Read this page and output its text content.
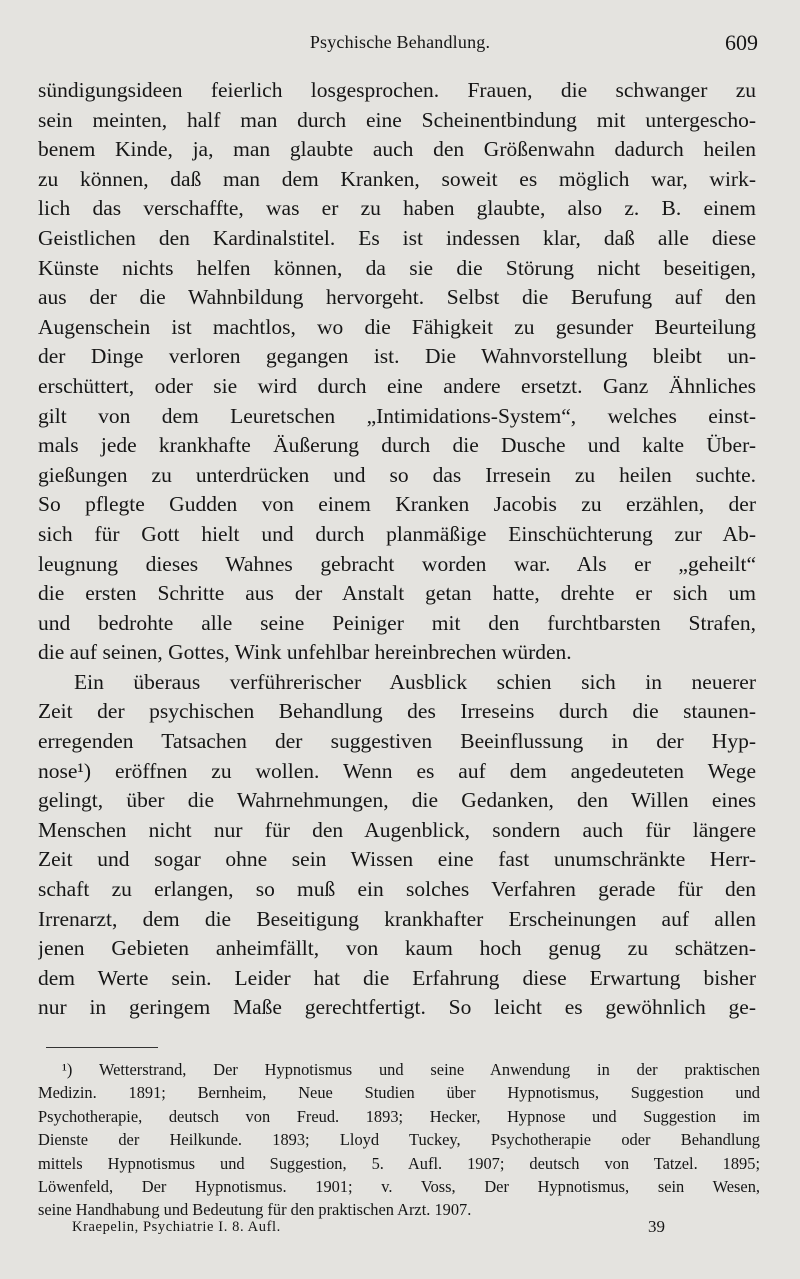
Psychische Behandlung.	609
sündigungsideen feierlich losgesprochen. Frauen, die schwanger zu
sein meinten, half man durch eine Scheinentbindung mit untergescho-
benem Kinde, ja, man glaubte auch den Größenwahn dadurch heilen
zu können, daß man dem Kranken, soweit es möglich war, wirk-
lich das verschaffte, was er zu haben glaubte, also z. B. einem
Geistlichen den Kardinalstitel. Es ist indessen klar, daß alle diese
Künste nichts helfen können, da sie die Störung nicht beseitigen,
aus der die Wahnbildung hervorgeht. Selbst die Berufung auf den
Augenschein ist machtlos, wo die Fähigkeit zu gesunder Beurteilung
der Dinge verloren gegangen ist. Die Wahnvorstellung bleibt un-
erschüttert, oder sie wird durch eine andere ersetzt. Ganz Ähnliches
gilt von dem Leuretschen „Intimidations-System“, welches einst-
mals jede krankhafte Äußerung durch die Dusche und kalte Über-
gießungen zu unterdrücken und so das Irresein zu heilen suchte.
So pflegte Gudden von einem Kranken Jacobis zu erzählen, der
sich für Gott hielt und durch planmäßige Einschüchterung zur Ab-
leugnung dieses Wahnes gebracht worden war. Als er „geheilt“
die ersten Schritte aus der Anstalt getan hatte, drehte er sich um
und bedrohte alle seine Peiniger mit den furchtbarsten Strafen,
die auf seinen, Gottes, Wink unfehlbar hereinbrechen würden.
Ein überaus verführerischer Ausblick schien sich in neuerer
Zeit der psychischen Behandlung des Irreseins durch die staunen-
erregenden Tatsachen der suggestiven Beeinflussung in der Hyp-
nose¹) eröffnen zu wollen. Wenn es auf dem angedeuteten Wege
gelingt, über die Wahrnehmungen, die Gedanken, den Willen eines
Menschen nicht nur für den Augenblick, sondern auch für längere
Zeit und sogar ohne sein Wissen eine fast unumschränkte Herr-
schaft zu erlangen, so muß ein solches Verfahren gerade für den
Irrenarzt, dem die Beseitigung krankhafter Erscheinungen auf allen
jenen Gebieten anheimfällt, von kaum hoch genug zu schätzen-
dem Werte sein. Leider hat die Erfahrung diese Erwartung bisher
nur in geringem Maße gerechtfertigt. So leicht es gewöhnlich ge-
¹) Wetterstrand, Der Hypnotismus und seine Anwendung in der praktischen
Medizin. 1891; Bernheim, Neue Studien über Hypnotismus, Suggestion und
Psychotherapie, deutsch von Freud. 1893; Hecker, Hypnose und Suggestion im
Dienste der Heilkunde. 1893; Lloyd Tuckey, Psychotherapie oder Behandlung
mittels Hypnotismus und Suggestion, 5. Aufl. 1907; deutsch von Tatzel. 1895;
Löwenfeld, Der Hypnotismus. 1901; v. Voss, Der Hypnotismus, sein Wesen,
seine Handhabung und Bedeutung für den praktischen Arzt. 1907.
Kraepelin, Psychiatrie I. 8. Aufl.	39
